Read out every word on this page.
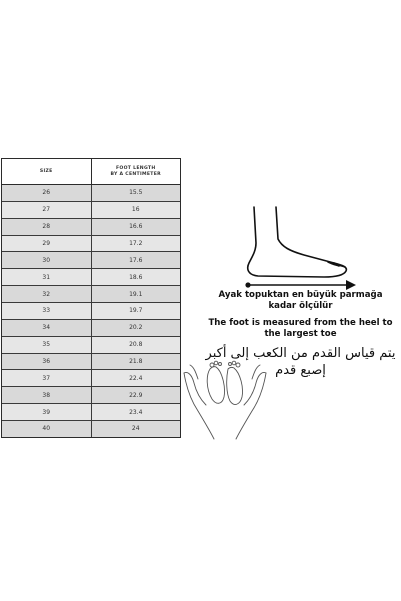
SIZE
FOOT LENGTH
BY A CENTIMETER
26	15.5
27	16
28	16.6
29	17.2
30	17.6
31	18.6
32	19.1
33	19.7
34	20.2
35	20.8
36	21.8
37	22.4
38	22.9
39	23.4
40	24
Ayak topuktan en büyük parmağa
kadar ölçülür
The foot is measured from the heel to
the largest toe
يتم قياس القدم من الكعب إلى أكبر
إصبع قدم
